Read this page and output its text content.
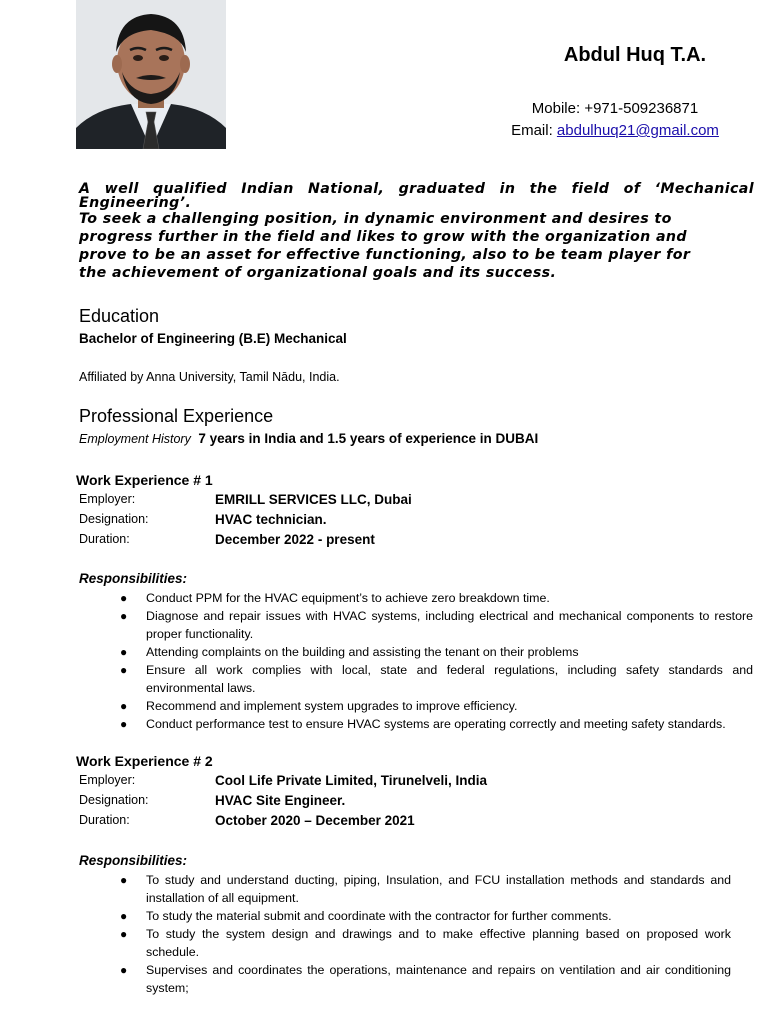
Abdul Huq T.A.
Mobile: +971-509236871
Email: abdulhuq21@gmail.com

A well qualified Indian National, graduated in the field of ‘Mechanical Engineering’.

To seek a challenging position, in dynamic environment and desires to

progress further in the field and likes to grow with the organization and

prove to be an asset for effective functioning, also to be team player for

the achievement of organizational goals and its success.

Education
Bachelor of Engineering (B.E) Mechanical
Affiliated by Anna University, Tamil Nādu, India.
Professional Experience
Employment History 7 years in India and 1.5 years of experience in DUBAI
Work Experience # 1
Employer:	EMRILL SERVICES LLC, Dubai
Designation:	HVAC technician.
Duration:	December 2022 - present
Responsibilities:
● Conduct PPM for the HVAC equipment’s to achieve zero breakdown time.
● Diagnose and repair issues with HVAC systems, including electrical and mechanical components to restore proper functionality.
● Attending complaints on the building and assisting the tenant on their problems
● Ensure all work complies with local, state and federal regulations, including safety standards and environmental laws.
● Recommend and implement system upgrades to improve efficiency.
● Conduct performance test to ensure HVAC systems are operating correctly and meeting safety standards.
Work Experience # 2
Employer:	Cool Life Private Limited, Tirunelveli, India
Designation:	HVAC Site Engineer.
Duration:	October 2020 – December 2021
Responsibilities:
● To study and understand ducting, piping, Insulation, and FCU installation methods and standards and installation of all equipment.
● To study the material submit and coordinate with the contractor for further comments.
● To study the system design and drawings and to make effective planning based on proposed work schedule.
● Supervises and coordinates the operations, maintenance and repairs on ventilation and air conditioning system;
